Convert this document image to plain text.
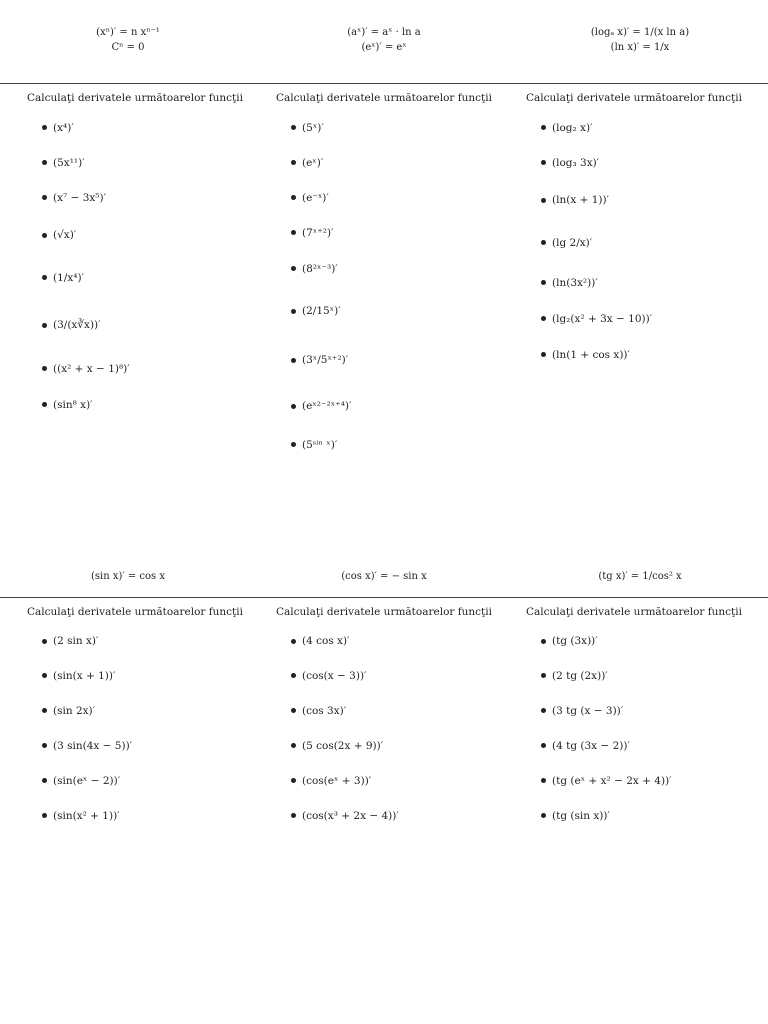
(xⁿ)′ = n xⁿ⁻¹
Cⁿ = 0
(aˣ)′ = aˣ · ln a
(eˣ)′ = eˣ
(logₐ x)′ = 1/(x ln a)
(ln x)′ = 1/x
Calculaţi derivatele următoarelor funcţii
(x⁴)′
(5x¹¹)′
(x⁷ − 3x⁵)′
(√x)′
(1/x⁴)′
(3/(x∛x))′
((x² + x − 1)⁸)′
(sin⁸ x)′
Calculaţi derivatele următoarelor funcţii
(5ˣ)′
(eˣ)′
(e⁻ˣ)′
(7ˣ⁺²)′
(8²ˣ⁻³)′
(2/15ˣ)′
(3ˣ/5ˣ⁺²)′
(eˣ²⁻²ˣ⁺⁴)′
(5ˢⁱⁿ ˣ)′
Calculaţi derivatele următoarelor funcţii
(log₂ x)′
(log₃ 3x)′
(ln(x + 1))′
(lg 2/x)′
(ln(3x²))′
(lg₂(x² + 3x − 10))′
(ln(1 + cos x))′
(sin x)′ = cos x	(cos x)′ = − sin x	(tg x)′ = 1/cos² x
Calculaţi derivatele următoarelor funcţii
(2 sin x)′
(sin(x + 1))′
(sin 2x)′
(3 sin(4x − 5))′
(sin(eˣ − 2))′
(sin(x² + 1))′
Calculaţi derivatele următoarelor funcţii
(4 cos x)′
(cos(x − 3))′
(cos 3x)′
(5 cos(2x + 9))′
(cos(eˣ + 3))′
(cos(x³ + 2x − 4))′
Calculaţi derivatele următoarelor funcţii
(tg (3x))′
(2 tg (2x))′
(3 tg (x − 3))′
(4 tg (3x − 2))′
(tg (eˣ + x² − 2x + 4))′
(tg (sin x))′
